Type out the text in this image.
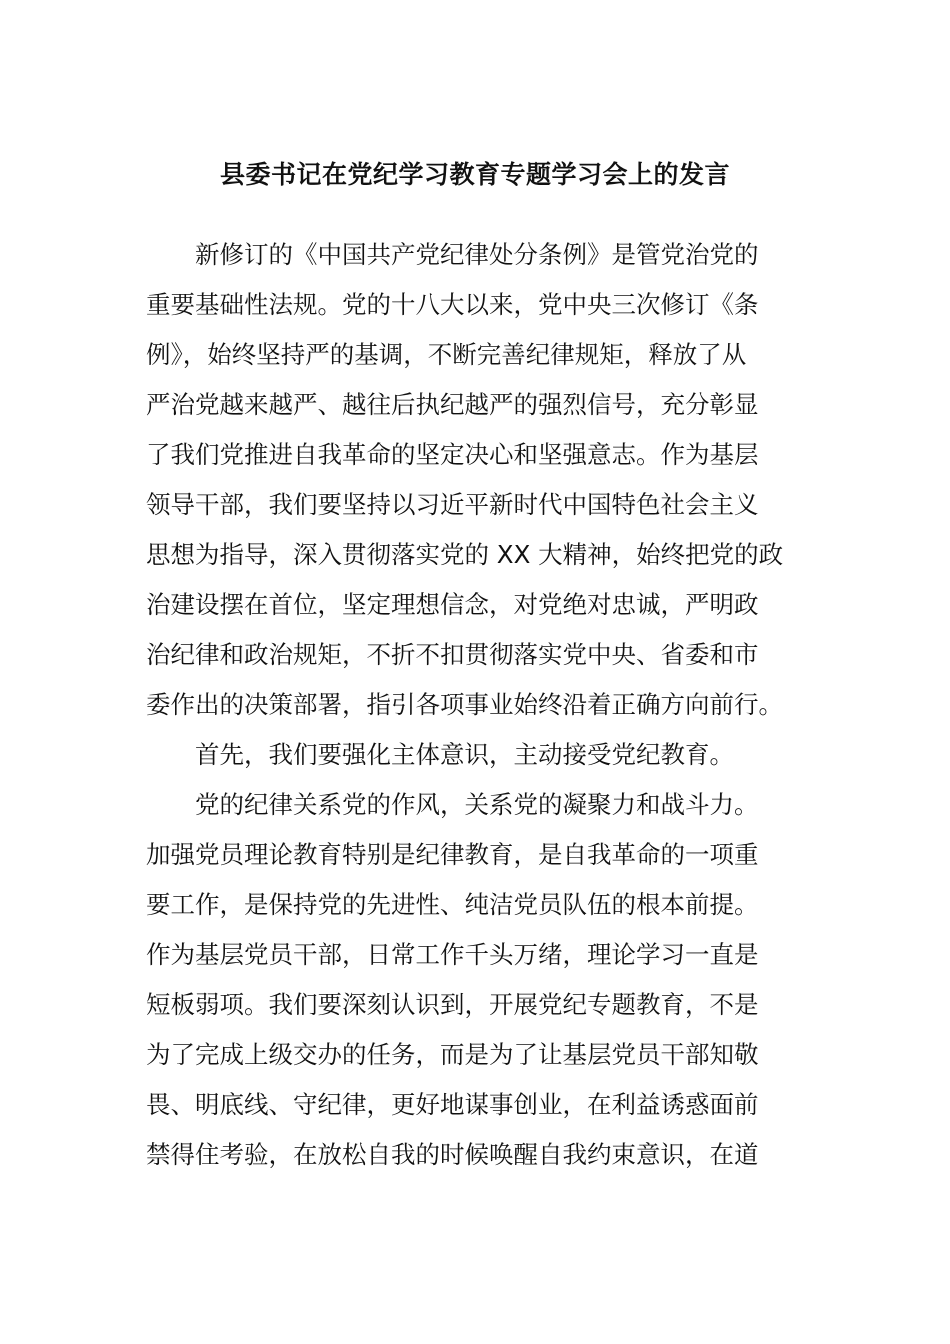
县委书记在党纪学习教育专题学习会上的发言

新修订的《中国共产党纪律处分条例》是管党治党的

重要基础性法规。党的十八大以来，党中央三次修订《条

例》，始终坚持严的基调，不断完善纪律规矩，释放了从

严治党越来越严、越往后执纪越严的强烈信号，充分彰显

了我们党推进自我革命的坚定决心和坚强意志。作为基层

领导干部，我们要坚持以习近平新时代中国特色社会主义

思想为指导，深入贯彻落实党的 XX 大精神，始终把党的政

治建设摆在首位，坚定理想信念，对党绝对忠诚，严明政

治纪律和政治规矩，不折不扣贯彻落实党中央、省委和市

委作出的决策部署，指引各项事业始终沿着正确方向前行。

首先，我们要强化主体意识，主动接受党纪教育。

党的纪律关系党的作风，关系党的凝聚力和战斗力。

加强党员理论教育特别是纪律教育，是自我革命的一项重

要工作，是保持党的先进性、纯洁党员队伍的根本前提。

作为基层党员干部，日常工作千头万绪，理论学习一直是

短板弱项。我们要深刻认识到，开展党纪专题教育，不是

为了完成上级交办的任务，而是为了让基层党员干部知敬

畏、明底线、守纪律，更好地谋事创业，在利益诱惑面前

禁得住考验，在放松自我的时候唤醒自我约束意识，在道
